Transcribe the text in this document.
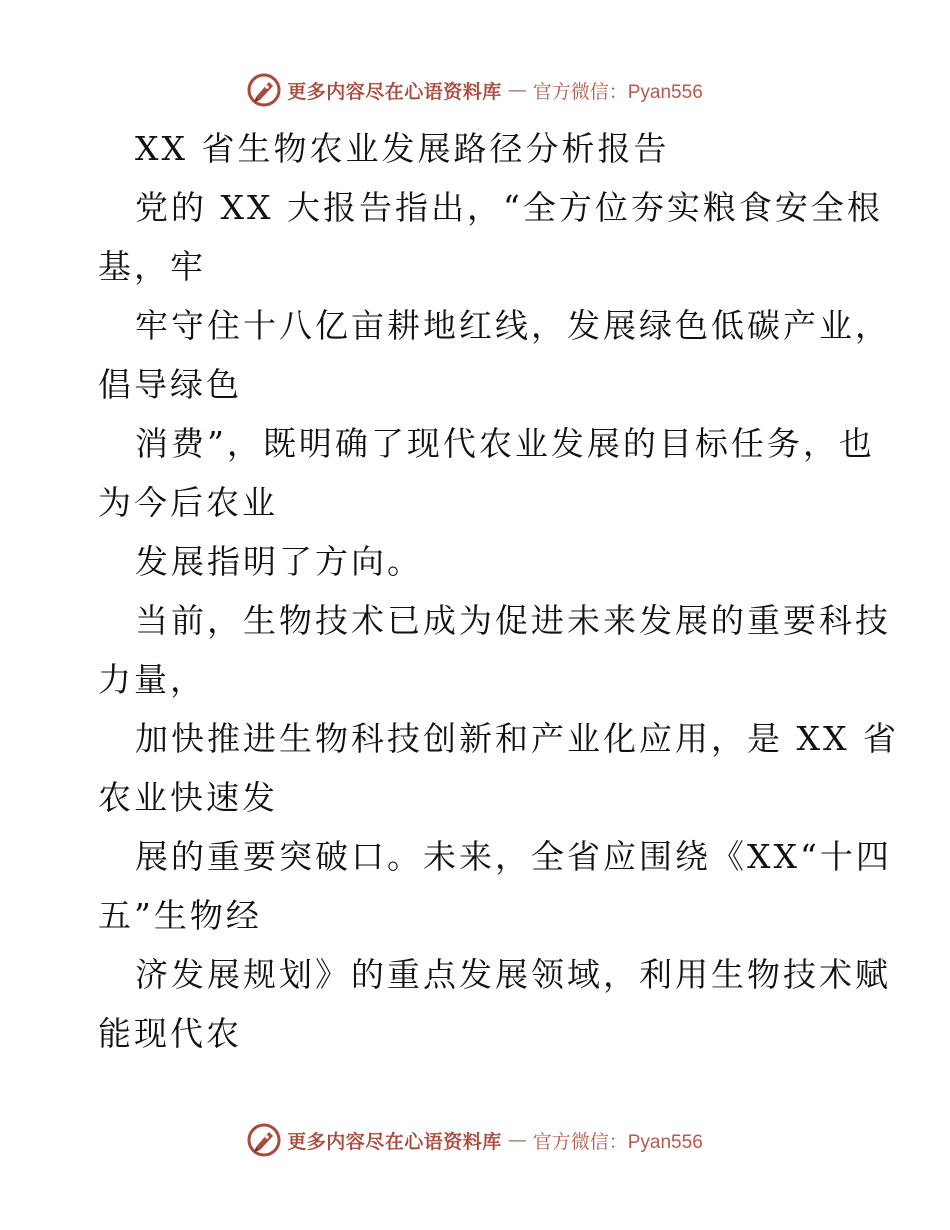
更多内容尽在心语资料库 — 官方微信：Pyan556
XX 省生物农业发展路径分析报告
党的 XX 大报告指出，“全方位夯实粮食安全根
基，牢
牢守住十八亿亩耕地红线，发展绿色低碳产业，
倡导绿色
消费”，既明确了现代农业发展的目标任务，也
为今后农业
发展指明了方向。
当前，生物技术已成为促进未来发展的重要科技
力量，
加快推进生物科技创新和产业化应用，是 XX 省
农业快速发
展的重要突破口。未来，全省应围绕《XX“十四
五”生物经
济发展规划》的重点发展领域，利用生物技术赋
能现代农
更多内容尽在心语资料库 — 官方微信：Pyan556
